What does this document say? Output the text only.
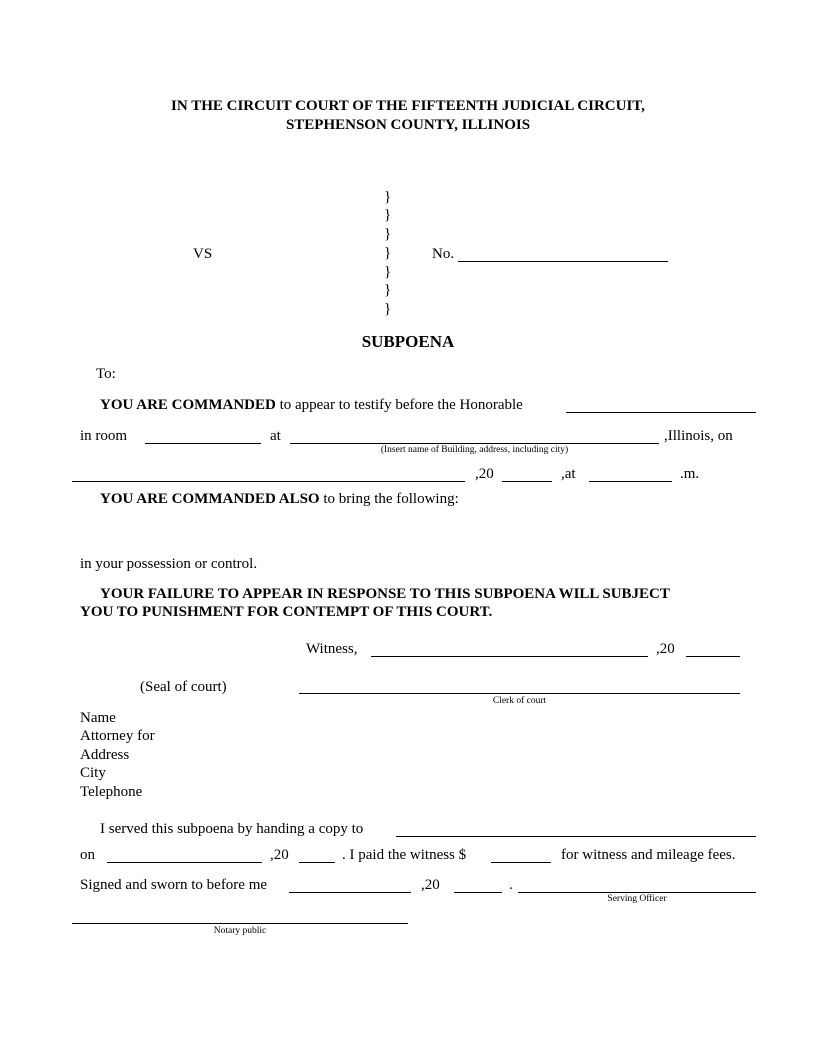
IN THE CIRCUIT COURT OF THE FIFTEENTH JUDICIAL CIRCUIT,
STEPHENSON COUNTY, ILLINOIS
}
}
}
}
}
}
}
VS	No.
SUBPOENA
To:
YOU ARE COMMANDED to appear to testify before the Honorable
in room	at	,Illinois, on
(Insert name of Building, address, including city)
,20	,at	.m.
YOU ARE COMMANDED ALSO to bring the following:
in your possession or control.
YOUR FAILURE TO APPEAR IN RESPONSE TO THIS SUBPOENA WILL SUBJECT
YOU TO PUNISHMENT FOR CONTEMPT OF THIS COURT.
Witness,	,20
(Seal of court)
Clerk of court
Name
Attorney for
Address
City
Telephone
I served this subpoena by handing a copy to
on	,20	. I paid the witness $	for witness and mileage fees.
Signed and sworn to before me	,20	.
Serving Officer
Notary public
